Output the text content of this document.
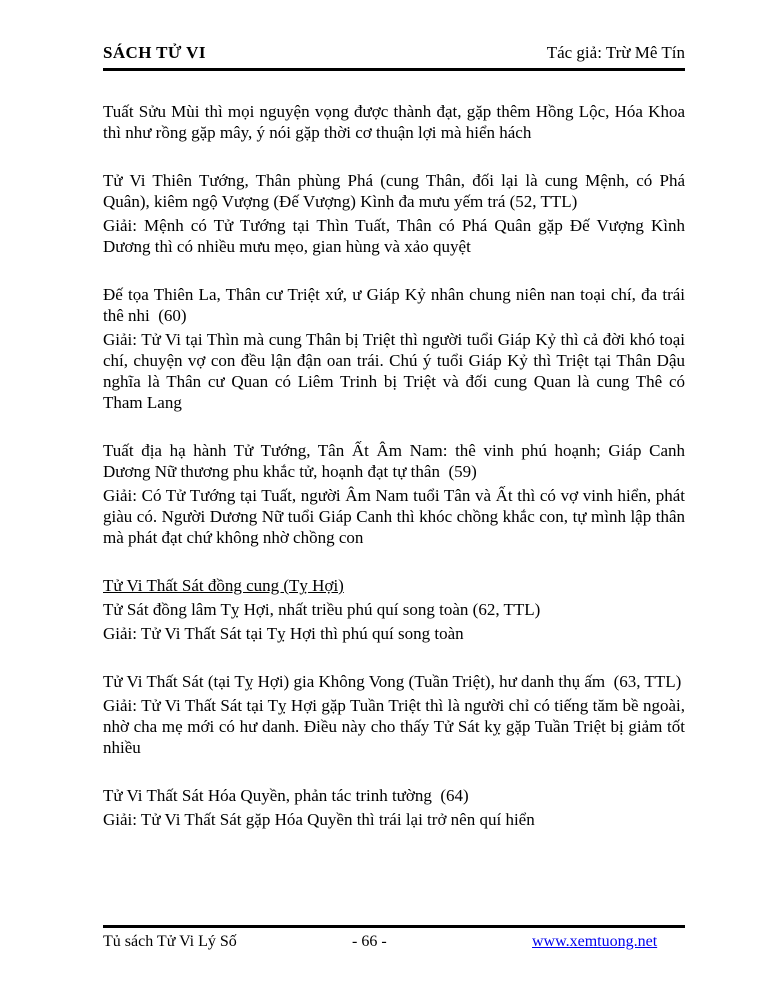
SÁCH TỬ VI	Tác giả: Trừ Mê Tín

Tuất Sửu Mùi thì mọi nguyện vọng được thành đạt, gặp thêm Hồng Lộc, Hóa Khoa thì như rồng gặp mây, ý nói gặp thời cơ thuận lợi mà hiển hách

Tử Vi Thiên Tướng, Thân phùng Phá (cung Thân, đối lại là cung Mệnh, có Phá Quân), kiêm ngộ Vượng (Đế Vượng) Kình đa mưu yếm trá (52, TTL)

Giải: Mệnh có Tử Tướng tại Thìn Tuất, Thân có Phá Quân gặp Đế Vượng Kình Dương thì có nhiều mưu mẹo, gian hùng và xảo quyệt

Đế tọa Thiên La, Thân cư Triệt xứ, ư Giáp Kỷ nhân chung niên nan toại chí, đa trái thê nhi  (60)

Giải: Tử Vi tại Thìn mà cung Thân bị Triệt thì người tuổi Giáp Kỷ thì cả đời khó toại chí, chuyện vợ con đều lận đận oan trái. Chú ý tuổi Giáp Kỷ thì Triệt tại Thân Dậu nghĩa là Thân cư Quan có Liêm Trinh bị Triệt và đối cung Quan là cung Thê có Tham Lang

Tuất địa hạ hành Tử Tướng, Tân Ất Âm Nam: thê vinh phú hoạnh; Giáp Canh Dương Nữ thương phu khắc tử, hoạnh đạt tự thân  (59)

Giải: Có Tử Tướng tại Tuất, người Âm Nam tuổi Tân và Ất thì có vợ vinh hiển, phát giàu có. Người Dương Nữ tuổi Giáp Canh thì khóc chồng khắc con, tự mình lập thân mà phát đạt chứ không nhờ chồng con

Tử Vi Thất Sát đồng cung (Tỵ Hợi)

Tử Sát đồng lâm Tỵ Hợi, nhất triều phú quí song toàn (62, TTL)

Giải: Tử Vi Thất Sát tại Tỵ Hợi thì phú quí song toàn

Tử Vi Thất Sát (tại Tỵ Hợi) gia Không Vong (Tuần Triệt), hư danh thụ ấm  (63, TTL)

Giải: Tử Vi Thất Sát tại Tỵ Hợi gặp Tuần Triệt thì là người chỉ có tiếng tăm bề ngoài, nhờ cha mẹ mới có hư danh. Điều này cho thấy Tử Sát kỵ gặp Tuần Triệt bị giảm tốt nhiều

Tử Vi Thất Sát Hóa Quyền, phản tác trinh tường  (64)

Giải: Tử Vi Thất Sát gặp Hóa Quyền thì trái lại trở nên quí hiển

Tủ sách Tử Vi Lý Số	- 66 -	www.xemtuong.net
